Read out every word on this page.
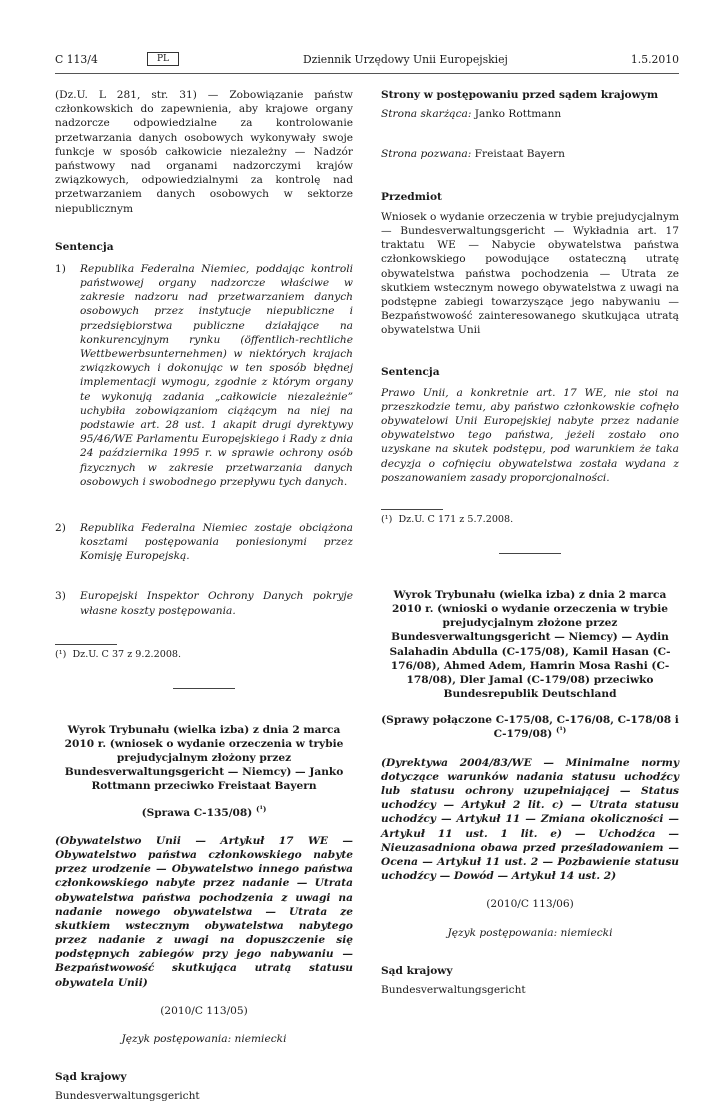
C 113/4	PL	Dziennik Urzędowy Unii Europejskiej	1.5.2010

(Dz.U. L 281, str. 31) — Zobowiązanie państw członkowskich do zapewnienia, aby krajowe organy nadzorcze odpowiedzialne za kontrolowanie przetwarzania danych osobowych wykonywały swoje funkcje w sposób całkowicie niezależny — Nadzór państwowy nad organami nadzorczymi krajów związkowych, odpowiedzialnymi za kontrolę nad przetwarzaniem danych osobowych w sektorze niepublicznym

Sentencja

1) Republika Federalna Niemiec, poddając kontroli państwowej organy nadzorcze właściwe w zakresie nadzoru nad przetwarzaniem danych osobowych przez instytucje niepubliczne i przedsiębiorstwa publiczne działające na konkurencyjnym rynku (öffentlich-rechtliche Wettbewerbsunternehmen) w niektórych krajach związkowych i dokonując w ten sposób błędnej implementacji wymogu, zgodnie z którym organy te wykonują zadania „całkowicie niezależnie” uchybiła zobowiązaniom ciążącym na niej na podstawie art. 28 ust. 1 akapit drugi dyrektywy 95/46/WE Parlamentu Europejskiego i Rady z dnia 24 października 1995 r. w sprawie ochrony osób fizycznych w zakresie przetwarzania danych osobowych i swobodnego przepływu tych danych.
2) Republika Federalna Niemiec zostaje obciążona kosztami postępowania poniesionymi przez Komisję Europejską.
3) Europejski Inspektor Ochrony Danych pokryje własne koszty postępowania.

(¹) Dz.U. C 37 z 9.2.2008.

Wyrok Trybunału (wielka izba) z dnia 2 marca 2010 r. (wniosek o wydanie orzeczenia w trybie prejudycjalnym złożony przez Bundesverwaltungsgericht — Niemcy) — Janko Rottmann przeciwko Freistaat Bayern

(Sprawa C-135/08) $^{(^1)}$

(Obywatelstwo Unii — Artykuł 17 WE — Obywatelstwo państwa członkowskiego nabyte przez urodzenie — Obywatelstwo innego państwa członkowskiego nabyte przez nadanie — Utrata obywatelstwa państwa pochodzenia z uwagi na nadanie nowego obywatelstwa — Utrata ze skutkiem wstecznym obywatelstwa nabytego przez nadanie z uwagi na dopuszczenie się podstępnych zabiegów przy jego nabywaniu — Bezpaństwowość skutkująca utratą statusu obywatela Unii)

(2010/C 113/05)

Język postępowania: niemiecki

Sąd krajowy

Bundesverwaltungsgericht

Strony w postępowaniu przed sądem krajowym

Strona skarżąca: Janko Rottmann

Strona pozwana: Freistaat Bayern

Przedmiot

Wniosek o wydanie orzeczenia w trybie prejudycjalnym — Bundesverwaltungsgericht — Wykładnia art. 17 traktatu WE — Nabycie obywatelstwa państwa członkowskiego powodujące ostateczną utratę obywatelstwa państwa pochodzenia — Utrata ze skutkiem wstecznym nowego obywatelstwa z uwagi na podstępne zabiegi towarzyszące jego nabywaniu — Bezpaństwowość zainteresowanego skutkująca utratą obywatelstwa Unii

Sentencja

Prawo Unii, a konkretnie art. 17 WE, nie stoi na przeszkodzie temu, aby państwo członkowskie cofnęło obywatelowi Unii Europejskiej nabyte przez nadanie obywatelstwo tego państwa, jeżeli zostało ono uzyskane na skutek podstępu, pod warunkiem że taka decyzja o cofnięciu obywatelstwa została wydana z poszanowaniem zasady proporcjonalności.

(¹) Dz.U. C 171 z 5.7.2008.

Wyrok Trybunału (wielka izba) z dnia 2 marca 2010 r. (wnioski o wydanie orzeczenia w trybie prejudycjalnym złożone przez Bundesverwaltungsgericht — Niemcy) — Aydin Salahadin Abdulla (C-175/08), Kamil Hasan (C-176/08), Ahmed Adem, Hamrin Mosa Rashi (C-178/08), Dler Jamal (C-179/08) przeciwko Bundesrepublik Deutschland

(Sprawy połączone C-175/08, C-176/08, C-178/08 i C-179/08) $^{(^1)}$

(Dyrektywa 2004/83/WE — Minimalne normy dotyczące warunków nadania statusu uchodźcy lub statusu ochrony uzupełniającej — Status uchodźcy — Artykuł 2 lit. c) — Utrata statusu uchodźcy — Artykuł 11 — Zmiana okoliczności — Artykuł 11 ust. 1 lit. e) — Uchodźca — Nieuzasadniona obawa przed prześladowaniem — Ocena — Artykuł 11 ust. 2 — Pozbawienie statusu uchodźcy — Dowód — Artykuł 14 ust. 2)

(2010/C 113/06)

Język postępowania: niemiecki

Sąd krajowy

Bundesverwaltungsgericht
